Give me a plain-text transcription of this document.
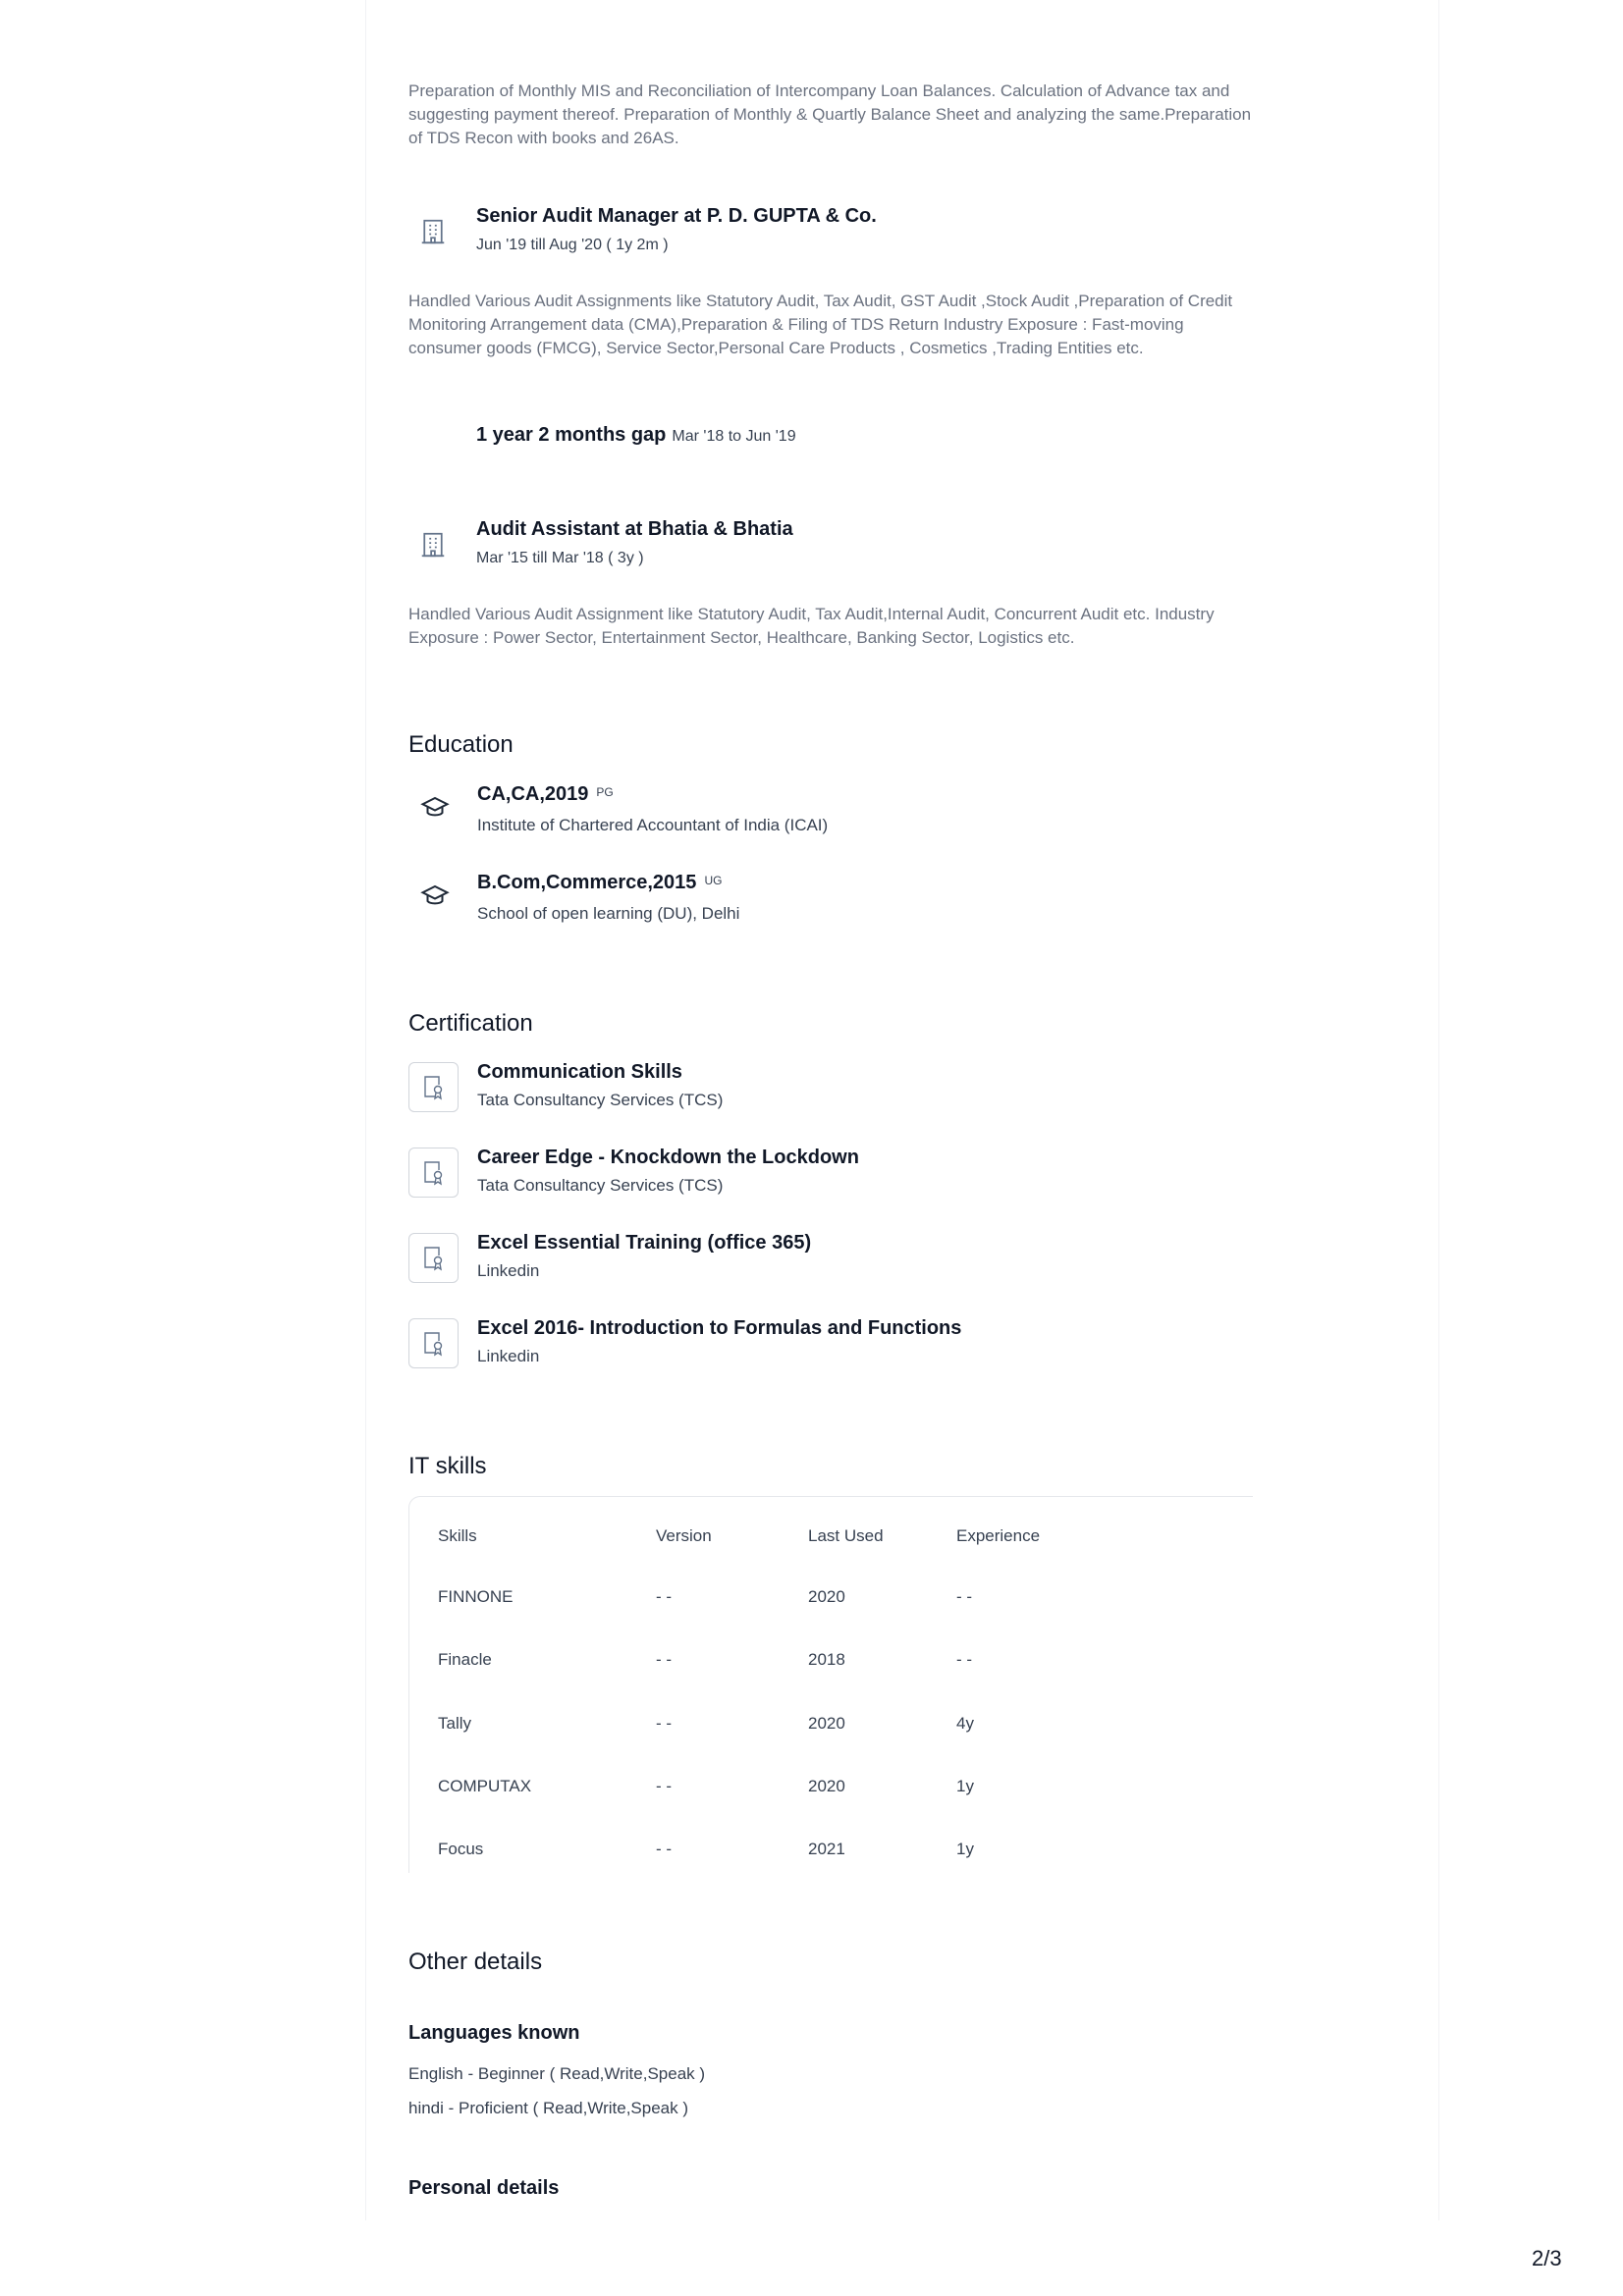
Preparation of Monthly MIS and Reconciliation of Intercompany Loan Balances. Calculation of Advance tax and suggesting payment thereof. Preparation of Monthly & Quartly Balance Sheet and analyzing the same.Preparation of TDS Recon with books and 26AS.

Senior Audit Manager at P. D. GUPTA & Co.
Jun '19 till Aug '20 ( 1y 2m )

Handled Various Audit Assignments like Statutory Audit, Tax Audit, GST Audit ,Stock Audit ,Preparation of Credit Monitoring Arrangement data (CMA),Preparation & Filing of TDS Return Industry Exposure : Fast-moving consumer goods (FMCG), Service Sector,Personal Care Products , Cosmetics ,Trading Entities etc.

1 year 2 months gap Mar '18 to Jun '19
Audit Assistant at Bhatia & Bhatia
Mar '15 till Mar '18 ( 3y )

Handled Various Audit Assignment like Statutory Audit, Tax Audit,Internal Audit, Concurrent Audit etc. Industry Exposure : Power Sector, Entertainment Sector, Healthcare, Banking Sector, Logistics etc.

Education
CA,CA,2019 $^{PG}$
Institute of Chartered Accountant of India (ICAI)
B.Com,Commerce,2015 $^{UG}$
School of open learning (DU), Delhi
Certification
Communication Skills
Tata Consultancy Services (TCS)
Career Edge - Knockdown the Lockdown
Tata Consultancy Services (TCS)
Excel Essential Training (office 365)
Linkedin
Excel 2016- Introduction to Formulas and Functions
Linkedin
IT skills
Skills	Version	Last Used	Experience
FINNONE	- -	2020	- -
Finacle	- -	2018	- -
Tally	- -	2020	4y
COMPUTAX	- -	2020	1y
Focus	- -	2021	1y
Other details
Languages known
English - Beginner ( Read,Write,Speak )
hindi - Proficient ( Read,Write,Speak )
Personal details
2/3
